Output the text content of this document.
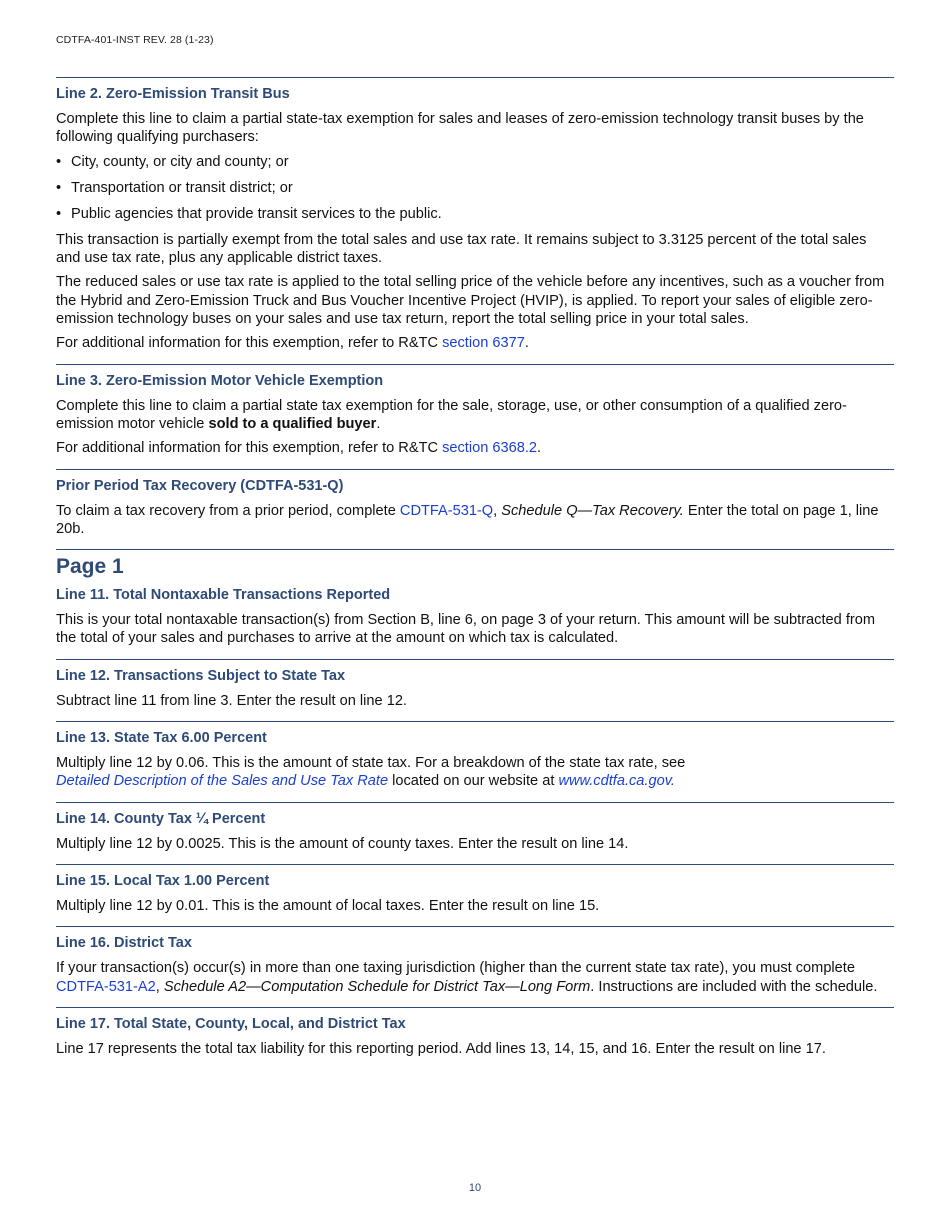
CDTFA-401-INST REV. 28 (1-23)
Line 2. Zero-Emission Transit Bus

Complete this line to claim a partial state-tax exemption for sales and leases of zero-emission technology transit buses by the following qualifying purchasers:

• City, county, or city and county; or
• Transportation or transit district; or
• Public agencies that provide transit services to the public.

This transaction is partially exempt from the total sales and use tax rate. It remains subject to 3.3125 percent of the total sales and use tax rate, plus any applicable district taxes.

The reduced sales or use tax rate is applied to the total selling price of the vehicle before any incentives, such as a voucher from the Hybrid and Zero-Emission Truck and Bus Voucher Incentive Project (HVIP), is applied. To report your sales of eligible zero-emission technology buses on your sales and use tax return, report the total selling price in your total sales.

For additional information for this exemption, refer to R&TC section 6377.

Line 3. Zero-Emission Motor Vehicle Exemption

Complete this line to claim a partial state tax exemption for the sale, storage, use, or other consumption of a qualified zero-emission motor vehicle sold to a qualified buyer.

For additional information for this exemption, refer to R&TC section 6368.2.

Prior Period Tax Recovery (CDTFA-531-Q)

To claim a tax recovery from a prior period, complete CDTFA-531-Q, Schedule Q—Tax Recovery. Enter the total on page 1, line 20b.

Page 1
Line 11. Total Nontaxable Transactions Reported

This is your total nontaxable transaction(s) from Section B, line 6, on page 3 of your return. This amount will be subtracted from the total of your sales and purchases to arrive at the amount on which tax is calculated.

Line 12. Transactions Subject to State Tax

Subtract line 11 from line 3. Enter the result on line 12.

Line 13. State Tax 6.00 Percent

Multiply line 12 by 0.06. This is the amount of state tax. For a breakdown of the state tax rate, see
Detailed Description of the Sales and Use Tax Rate located on our website at www.cdtfa.ca.gov.

Line 14. County Tax ¼ Percent

Multiply line 12 by 0.0025. This is the amount of county taxes. Enter the result on line 14.

Line 15. Local Tax 1.00 Percent

Multiply line 12 by 0.01. This is the amount of local taxes. Enter the result on line 15.

Line 16. District Tax

If your transaction(s) occur(s) in more than one taxing jurisdiction (higher than the current state tax rate), you must complete CDTFA-531-A2, Schedule A2—Computation Schedule for District Tax—Long Form. Instructions are included with the schedule.

Line 17. Total State, County, Local, and District Tax

Line 17 represents the total tax liability for this reporting period. Add lines 13, 14, 15, and 16. Enter the result on line 17.

10
